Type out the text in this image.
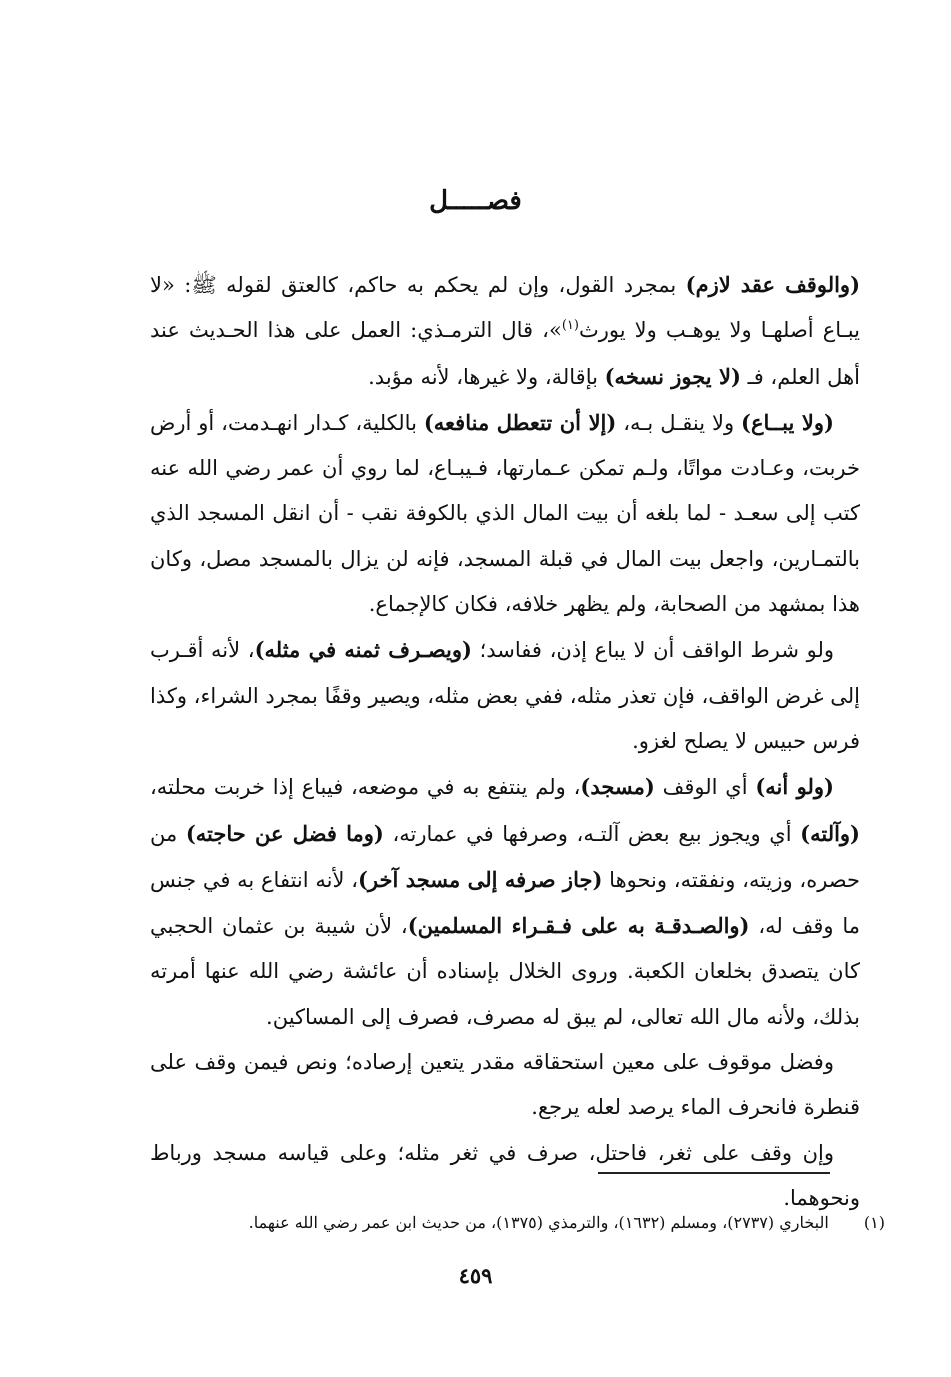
فصـــــل

(والوقف عقد لازم) بمجرد القول، وإن لم يحكم به حاكم، كالعتق لقوله ﷺ: «لا يبـاع أصلهـا ولا يوهـب ولا يورث$^{(١)}$»، قال الترمـذي: العمل على هذا الحـديث عند أهل العلم، فـ (لا يجوز نسخه) بإقالة، ولا غيرها، لأنه مؤبد.

(ولا يبــاع) ولا ينقـل بـه، (إلا أن تتعطل منافعه) بالكلية، كـدار انهـدمت، أو أرض خربت، وعـادت مواتًا، ولـم تمكن عـمارتها، فـيبـاع، لما روي أن عمر رضي الله عنه كتب إلى سعـد - لما بلغه أن بيت المال الذي بالكوفة نقب - أن انقل المسجد الذي بالتمـارين، واجعل بيت المال في قبلة المسجد، فإنه لن يزال بالمسجد مصل، وكان هذا بمشهد من الصحابة، ولم يظهر خلافه، فكان كالإجماع.

ولو شرط الواقف أن لا يباع إذن، ففاسد؛ (ويصـرف ثمنه في مثله)، لأنه أقـرب إلى غرض الواقف، فإن تعذر مثله، ففي بعض مثله، ويصير وقفًا بمجرد الشراء، وكذا فرس حبيس لا يصلح لغزو.

(ولو أنه) أي الوقف (مسجد)، ولم ينتفع به في موضعه، فيباع إذا خربت محلته، (وآلته) أي ويجوز بيع بعض آلتـه، وصرفها في عمارته، (وما فضل عن حاجته) من حصره، وزيته، ونفقته، ونحوها (جاز صرفه إلى مسجد آخر)، لأنه انتفاع به في جنس ما وقف له، (والصـدقـة به على فـقـراء المسلمين)، لأن شيبة بن عثمان الحجبي كان يتصدق بخلعان الكعبة. وروى الخلال بإسناده أن عائشة رضي الله عنها أمرته بذلك، ولأنه مال الله تعالى، لم يبق له مصرف، فصرف إلى المساكين.

وفضل موقوف على معين استحقاقه مقدر يتعين إرصاده؛ ونص فيمن وقف على قنطرة فانحرف الماء يرصد لعله يرجع.

وإن وقف على ثغر، فاحتل، صرف في ثغر مثله؛ وعلى قياسه مسجد ورباط ونحوهما.

(١) البخاري (٢٧٣٧)، ومسلم (١٦٣٢)، والترمذي (١٣٧٥)، من حديث ابن عمر رضي الله عنهما.
٤٥٩
